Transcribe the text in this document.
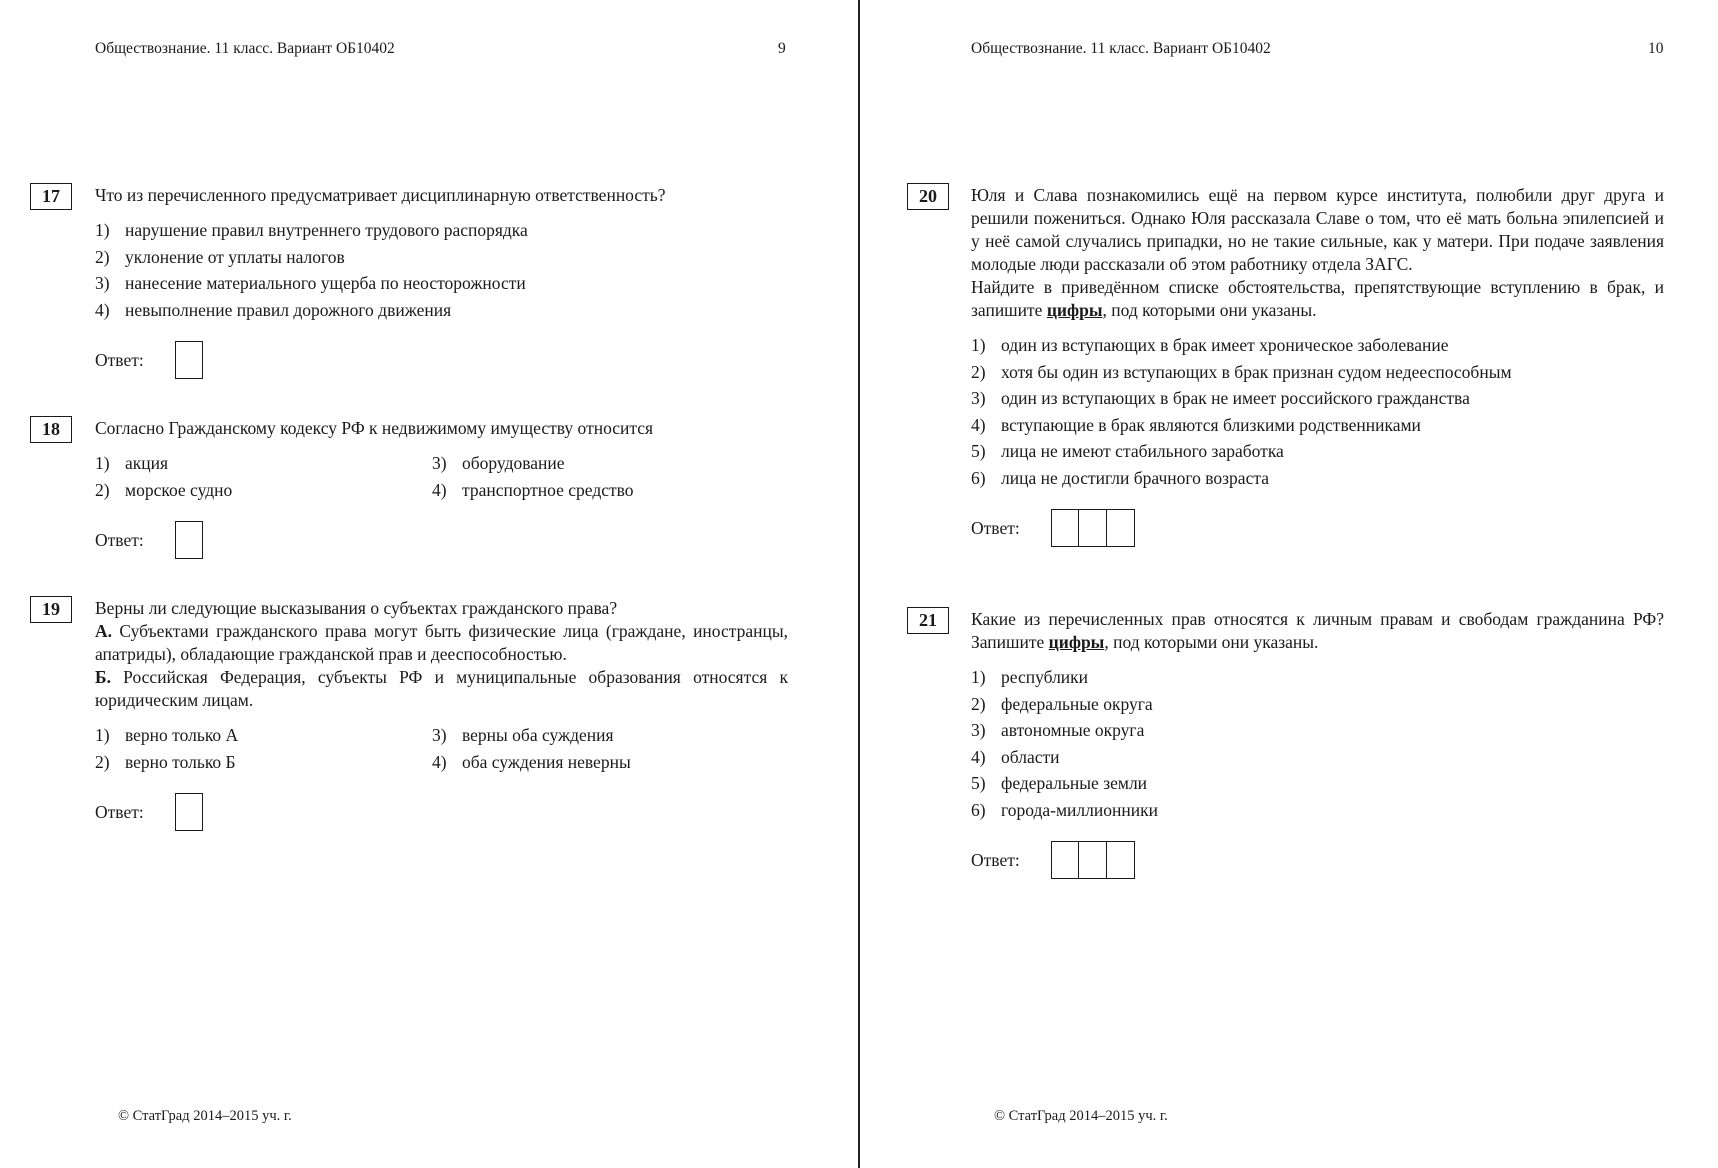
Обществознание. 11 класс. Вариант ОБ10402	9
17	Что из перечисленного предусматривает дисциплинарную ответственность?
1) нарушение правил внутреннего трудового распорядка
2) уклонение от уплаты налогов
3) нанесение материального ущерба по неосторожности
4) невыполнение правил дорожного движения
Ответ:
18	Согласно Гражданскому кодексу РФ к недвижимому имуществу относится
1) акция	3) оборудование
2) морское судно	4) транспортное средство
Ответ:
19	Верны ли следующие высказывания о субъектах гражданского права?
А. Субъектами гражданского права могут быть физические лица (граждане, иностранцы, апатриды), обладающие гражданской прав и дееспособностью.
Б. Российская Федерация, субъекты РФ и муниципальные образования относятся к юридическим лицам.
1) верно только А	3) верны оба суждения
2) верно только Б	4) оба суждения неверны
Ответ:
© СтатГрад 2014–2015 уч. г.
Обществознание. 11 класс. Вариант ОБ10402	10
20	Юля и Слава познакомились ещё на первом курсе института, полюбили друг друга и решили пожениться. Однако Юля рассказала Славе о том, что её мать больна эпилепсией и у неё самой случались припадки, но не такие сильные, как у матери. При подаче заявления молодые люди рассказали об этом работнику отдела ЗАГС.
Найдите в приведённом списке обстоятельства, препятствующие вступлению в брак, и запишите цифры, под которыми они указаны.
1) один из вступающих в брак имеет хроническое заболевание
2) хотя бы один из вступающих в брак признан судом недееспособным
3) один из вступающих в брак не имеет российского гражданства
4) вступающие в брак являются близкими родственниками
5) лица не имеют стабильного заработка
6) лица не достигли брачного возраста
Ответ:
21	Какие из перечисленных прав относятся к личным правам и свободам гражданина РФ? Запишите цифры, под которыми они указаны.
1) республики
2) федеральные округа
3) автономные округа
4) области
5) федеральные земли
6) города-миллионники
Ответ:
© СтатГрад 2014–2015 уч. г.
